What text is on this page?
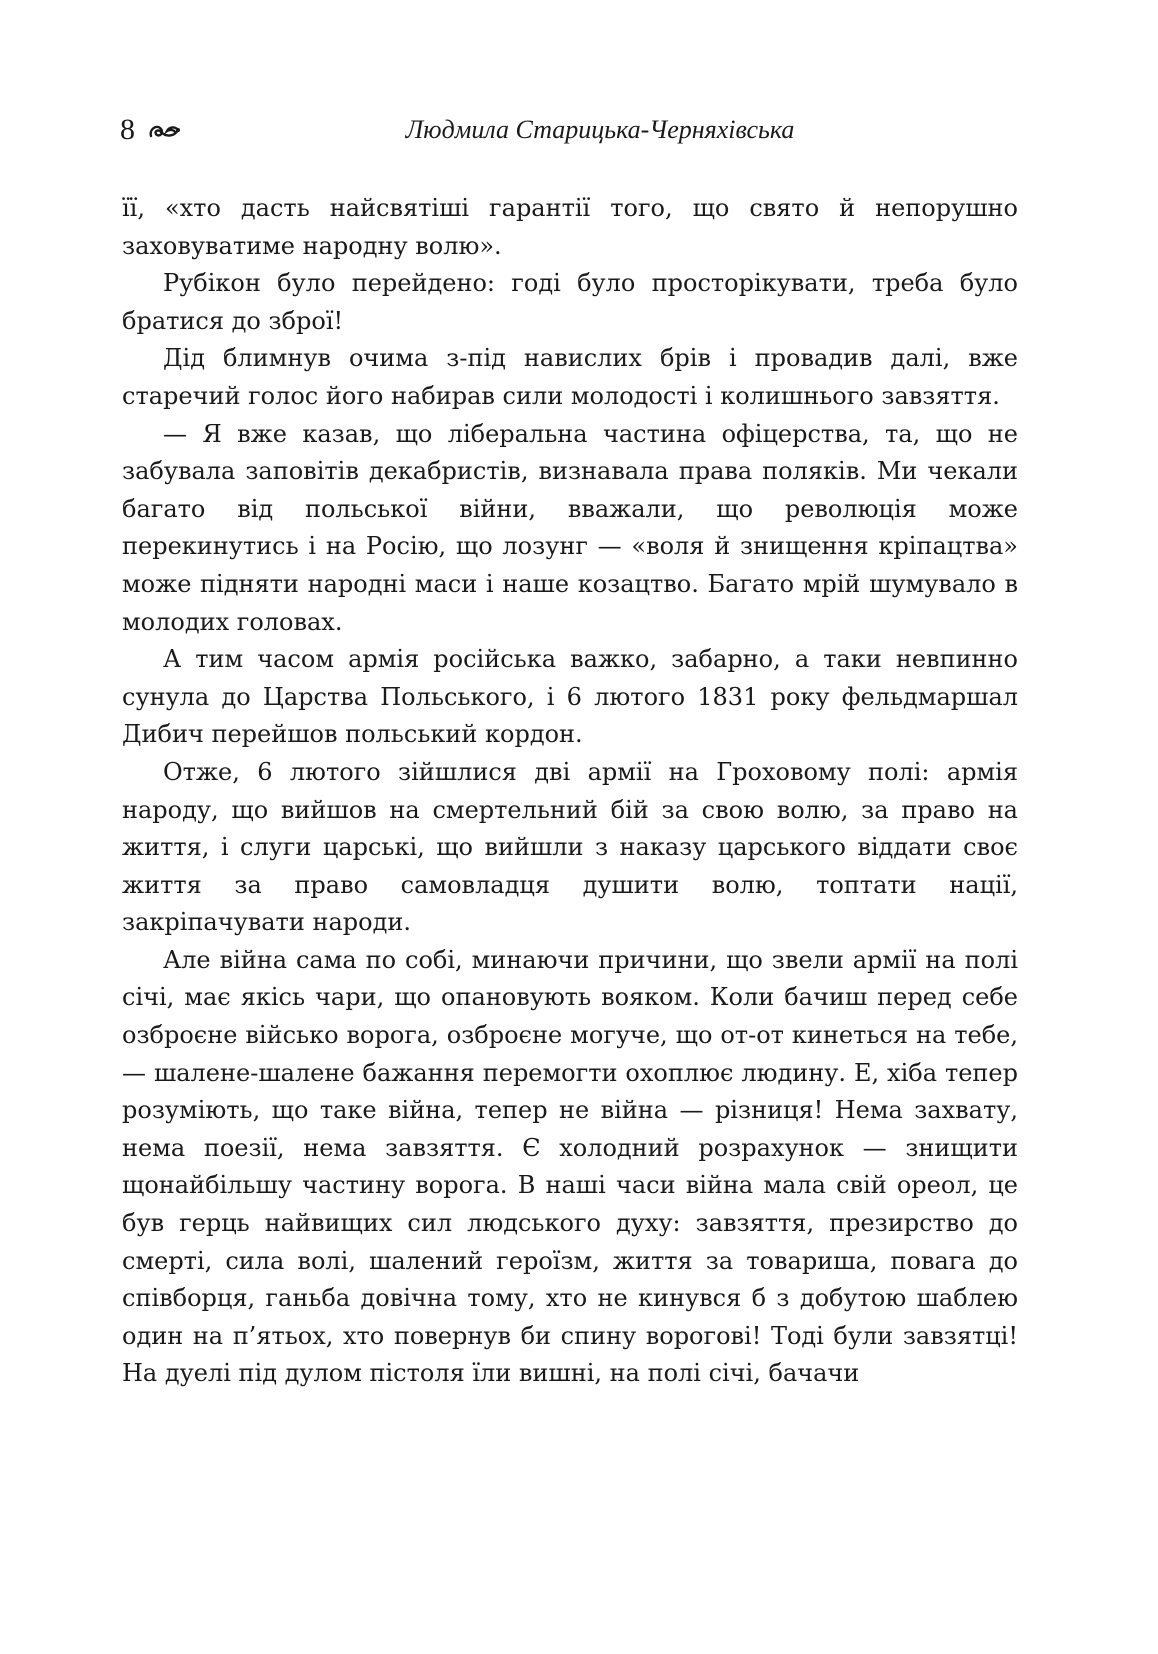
8	Людмила Старицька-Черняхівська

її, «хто дасть найсвятіші гарантії того, що свято й непорушно заховуватиме народну волю».

Рубікон було перейдено: годі було просторікувати, треба було братися до зброї!

Дід блимнув очима з-під навислих брів і провадив далі, вже старечий голос його набирав сили молодості і колишнього завзяття.

— Я вже казав, що ліберальна частина офіцерства, та, що не забувала заповітів декабристів, визнавала права поляків. Ми чекали багато від польської війни, вважали, що революція може перекинутись і на Росію, що лозунг — «воля й знищення кріпацтва» може підняти народні маси і наше козацтво. Багато мрій шумувало в молодих головах.

А тим часом армія російська важко, забарно, а таки невпинно сунула до Царства Польського, і 6 лютого 1831 року фельдмаршал Дибич перейшов польський кордон.

Отже, 6 лютого зійшлися дві армії на Гроховому полі: армія народу, що вийшов на смертельний бій за свою волю, за право на життя, і слуги царські, що вийшли з наказу царського віддати своє життя за право самовладця душити волю, топтати нації, закріпачувати народи.

Але війна сама по собі, минаючи причини, що звели армії на полі січі, має якісь чари, що опановують вояком. Коли бачиш перед себе озброєне військо ворога, озброєне могуче, що от-от кинеться на тебе, — шалене-шалене бажання перемогти охоплює людину. Е, хіба тепер розуміють, що таке війна, тепер не війна — різниця! Нема захвату, нема поезії, нема завзяття. Є холодний розрахунок — знищити щонайбільшу частину ворога. В наші часи війна мала свій ореол, це був герць найвищих сил людського духу: завзяття, презирство до смерті, сила волі, шалений героїзм, життя за товариша, повага до співборця, ганьба довічна тому, хто не кинувся б з добутою шаблею один на п’ятьох, хто повернув би спину ворогові! Тоді були завзятці! На дуелі під дулом пістоля їли вишні, на полі січі, бачачи
